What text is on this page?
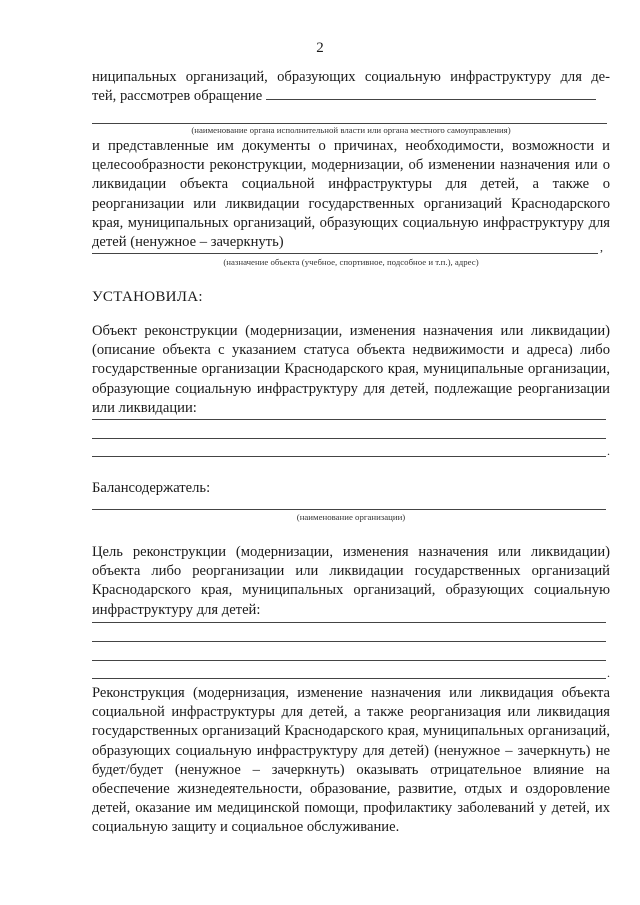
2
ниципальных организаций, образующих социальную инфраструктуру для де-
тей, рассмотрев обращение
(наименование органа исполнительной власти или органа местного самоуправления)
и представленные им документы о причинах, необходимости, возможности и целесообразности реконструкции, модернизации, об изменении назначения или о ликвидации объекта социальной инфраструктуры для детей, а также о реорганизации или ликвидации государственных организаций Краснодарского края, муниципальных организаций, образующих социальную инфраструктуру для детей (ненужное – зачеркнуть)	,
(назначение объекта (учебное, спортивное, подсобное и т.п.), адрес)
УСТАНОВИЛА:
Объект реконструкции (модернизации, изменения назначения или ликвидации) (описание объекта с указанием статуса объекта недвижимости и адреса) либо государственные организации Краснодарского края, муниципальные организации, образующие социальную инфраструктуру для детей, подлежащие реорганизации или ликвидации:
.
Балансодержатель:
(наименование организации)
Цель реконструкции (модернизации, изменения назначения или ликвидации) объекта либо реорганизации или ликвидации государственных организаций Краснодарского края, муниципальных организаций, образующих социальную инфраструктуру для детей:
.
Реконструкция (модернизация, изменение назначения или ликвидация объекта социальной инфраструктуры для детей, а также реорганизация или ликвидация государственных организаций Краснодарского края, муниципальных организаций, образующих социальную инфраструктуру для детей) (ненужное – зачеркнуть) не будет/будет (ненужное – зачеркнуть) оказывать отрицательное влияние на обеспечение жизнедеятельности, образование, развитие, отдых и оздоровление детей, оказание им медицинской помощи, профилактику заболеваний у детей, их социальную защиту и социальное обслуживание.
